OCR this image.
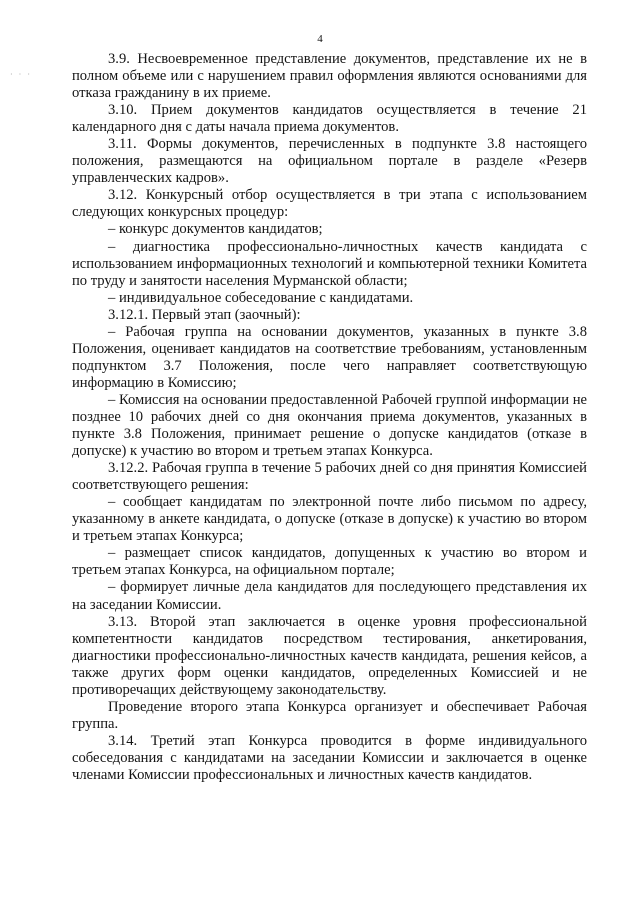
4
· · ·

3.9. Несвоевременное представление документов, представление их не в полном объеме или с нарушением правил оформления являются основаниями для отказа гражданину в их приеме.

3.10. Прием документов кандидатов осуществляется в течение 21 календарного дня с даты начала приема документов.

3.11. Формы документов, перечисленных в подпункте 3.8 настоящего положения, размещаются на официальном портале в разделе «Резерв управленческих кадров».

3.12. Конкурсный отбор осуществляется в три этапа с использованием следующих конкурсных процедур:

– конкурс документов кандидатов;

– диагностика профессионально-личностных качеств кандидата с использованием информационных технологий и компьютерной техники Комитета по труду и занятости населения Мурманской области;

– индивидуальное собеседование с кандидатами.

3.12.1. Первый этап (заочный):

– Рабочая группа на основании документов, указанных в пункте 3.8 Положения, оценивает кандидатов на соответствие требованиям, установленным подпунктом 3.7 Положения, после чего направляет соответствующую информацию в Комиссию;

– Комиссия на основании предоставленной Рабочей группой информации не позднее 10 рабочих дней со дня окончания приема документов, указанных в пункте 3.8 Положения, принимает решение о допуске кандидатов (отказе в допуске) к участию во втором и третьем этапах Конкурса.

3.12.2. Рабочая группа в течение 5 рабочих дней со дня принятия Комиссией соответствующего решения:

– сообщает кандидатам по электронной почте либо письмом по адресу, указанному в анкете кандидата, о допуске (отказе в допуске) к участию во втором и третьем этапах Конкурса;

– размещает список кандидатов, допущенных к участию во втором и третьем этапах Конкурса, на официальном портале;

– формирует личные дела кандидатов для последующего представления их на заседании Комиссии.

3.13. Второй этап заключается в оценке уровня профессиональной компетентности кандидатов посредством тестирования, анкетирования, диагностики профессионально-личностных качеств кандидата, решения кейсов, а также других форм оценки кандидатов, определенных Комиссией и не противоречащих действующему законодательству.

Проведение второго этапа Конкурса организует и обеспечивает Рабочая группа.

3.14. Третий этап Конкурса проводится в форме индивидуального собеседования с кандидатами на заседании Комиссии и заключается в оценке членами Комиссии профессиональных и личностных качеств кандидатов.
